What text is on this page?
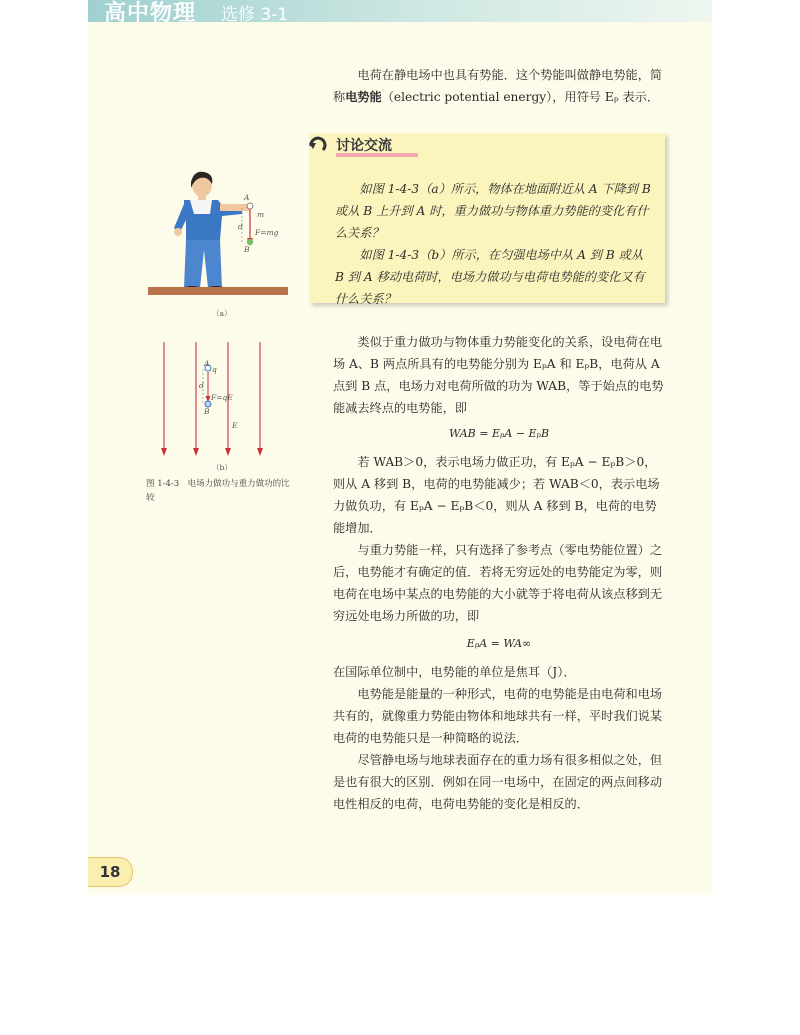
高中物理 选修 3-1

电荷在静电场中也具有势能．这个势能叫做静电势能，简

称电势能（electric potential energy），用符号 Eₚ 表示．

讨论交流

如图 1-4-3（a）所示，物体在地面附近从 A 下降到 B 或从 B 上升到 A 时，重力做功与物体重力势能的变化有什么关系？

如图 1-4-3（b）所示，在匀强电场中从 A 到 B 或从 B 到 A 移动电荷时，电场力做功与电荷电势能的变化又有什么关系？

A
m
d
F=mg
B
（a）
A
q
d
F=qE
B
E
（b）
图 1-4-3　电场力做功与重力做功的比较

类似于重力做功与物体重力势能变化的关系，设电荷在电场 A、B 两点所具有的电势能分别为 EₚA 和 EₚB，电荷从 A 点到 B 点，电场力对电荷所做的功为 WAB，等于始点的电势能减去终点的电势能，即

WAB = EₚA − EₚB

若 WAB＞0，表示电场力做正功，有 EₚA − EₚB＞0，则从 A 移到 B，电荷的电势能减少；若 WAB＜0，表示电场力做负功，有 EₚA − EₚB＜0，则从 A 移到 B，电荷的电势能增加．

与重力势能一样，只有选择了参考点（零电势能位置）之后，电势能才有确定的值．若将无穷远处的电势能定为零，则电荷在电场中某点的电势能的大小就等于将电荷从该点移到无穷远处电场力所做的功，即

EₚA = WA∞

在国际单位制中，电势能的单位是焦耳（J）．

电势能是能量的一种形式，电荷的电势能是由电荷和电场共有的，就像重力势能由物体和地球共有一样，平时我们说某电荷的电势能只是一种简略的说法．

尽管静电场与地球表面存在的重力场有很多相似之处，但是也有很大的区别．例如在同一电场中，在固定的两点间移动电性相反的电荷，电荷电势能的变化是相反的．

18
